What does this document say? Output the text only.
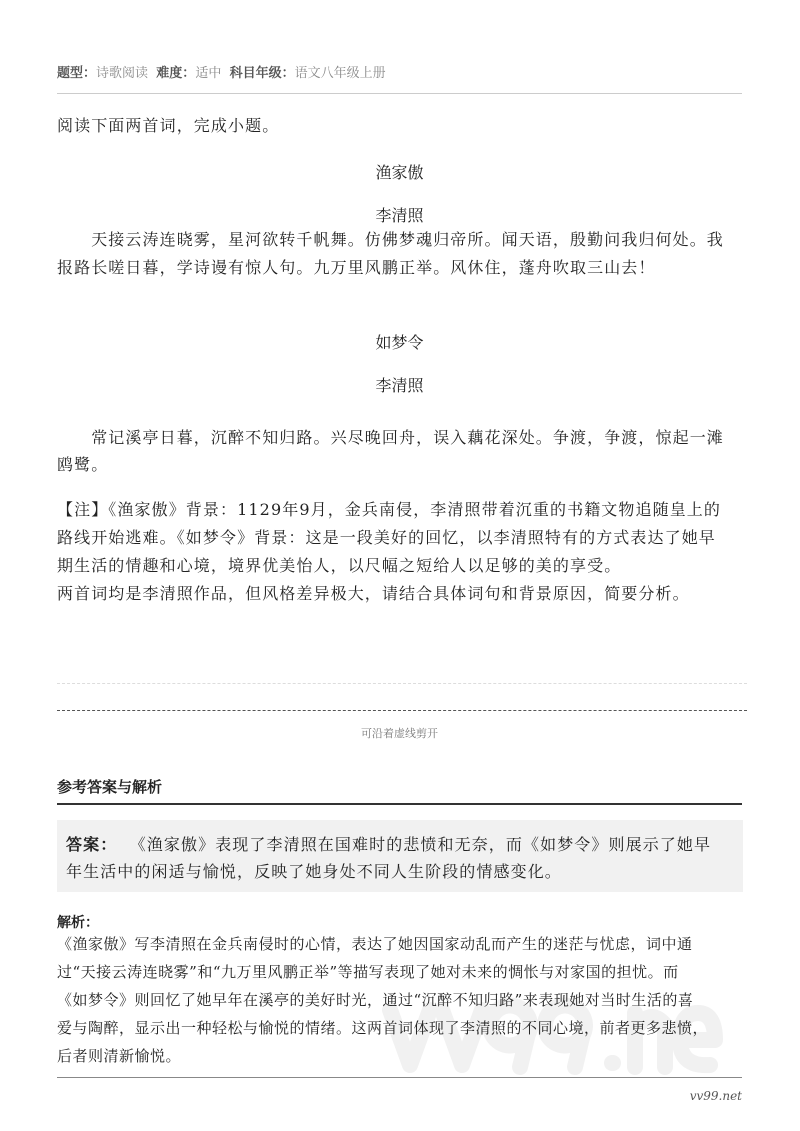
题型：诗歌阅读 难度：适中 科目年级：语文八年级上册
阅读下面两首词，完成小题。
渔家傲
李清照
　　天接云涛连晓雾，星河欲转千帆舞。仿佛梦魂归帝所。闻天语，殷勤问我归何处。我
报路长嗟日暮，学诗谩有惊人句。九万里风鹏正举。风休住，蓬舟吹取三山去！
如梦令
李清照
　　常记溪亭日暮，沉醉不知归路。兴尽晚回舟，误入藕花深处。争渡，争渡，惊起一滩
鸥鹭。
【注】《渔家傲》背景：1129年9月，金兵南侵，李清照带着沉重的书籍文物追随皇上的
路线开始逃难。《如梦令》背景：这是一段美好的回忆，以李清照特有的方式表达了她早
期生活的情趣和心境，境界优美怡人，以尺幅之短给人以足够的美的享受。
两首词均是李清照作品，但风格差异极大，请结合具体词句和背景原因，简要分析。
可沿着虚线剪开
参考答案与解析
答案： 《渔家傲》表现了李清照在国难时的悲愤和无奈，而《如梦令》则展示了她早
年生活中的闲适与愉悦，反映了她身处不同人生阶段的情感变化。
解析：
《渔家傲》写李清照在金兵南侵时的心情，表达了她因国家动乱而产生的迷茫与忧虑，词中通
过“天接云涛连晓雾”和“九万里风鹏正举”等描写表现了她对未来的惆怅与对家国的担忧。而
《如梦令》则回忆了她早年在溪亭的美好时光，通过“沉醉不知归路”来表现她对当时生活的喜
爱与陶醉，显示出一种轻松与愉悦的情绪。这两首词体现了李清照的不同心境，前者更多悲愤，
后者则清新愉悦。
vv99.net
